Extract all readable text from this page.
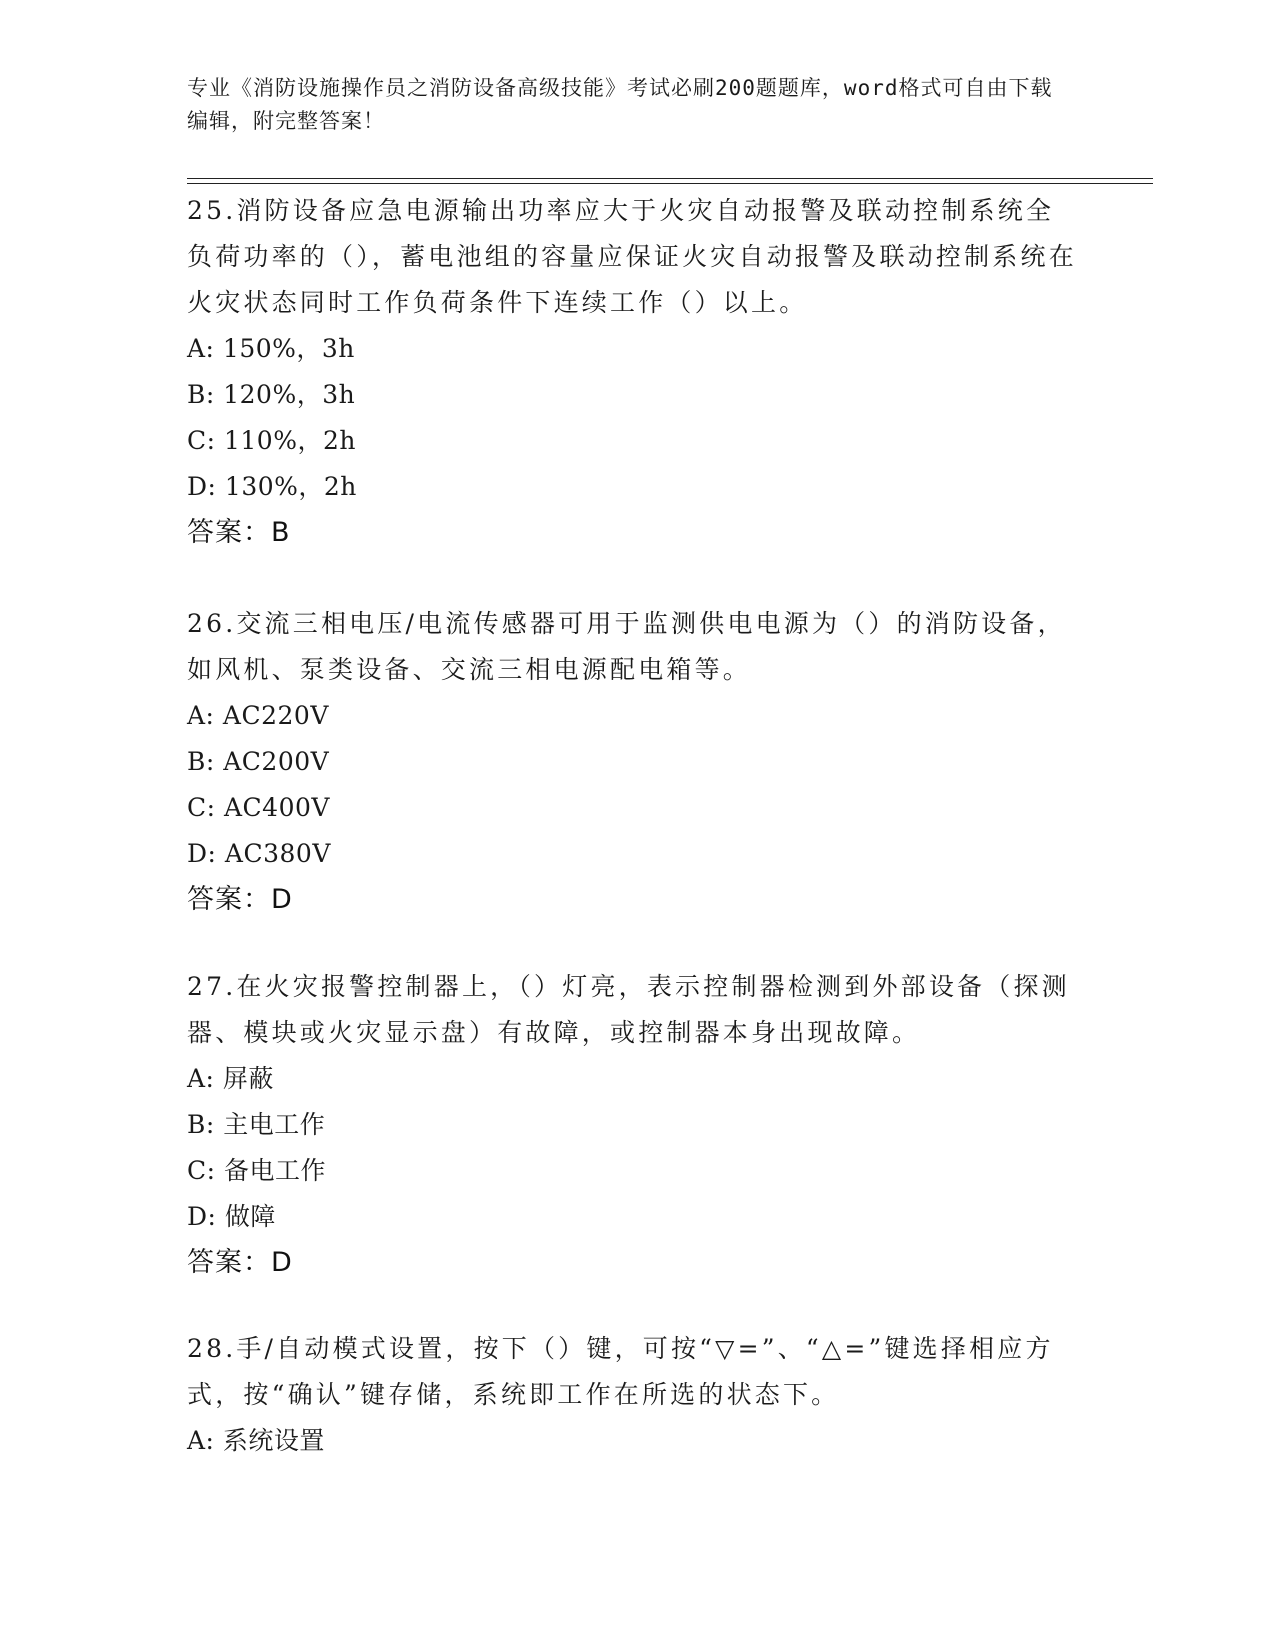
专业《消防设施操作员之消防设备高级技能》考试必刷200题题库，word格式可自由下载编辑，附完整答案！
25.消防设备应急电源输出功率应大于火灾自动报警及联动控制系统全负荷功率的（），蓄电池组的容量应保证火灾自动报警及联动控制系统在火灾状态同时工作负荷条件下连续工作（）以上。
A: 150%，3h
B: 120%，3h
C: 110%，2h
D: 130%，2h
答案：B
26.交流三相电压/电流传感器可用于监测供电电源为（）的消防设备，如风机、泵类设备、交流三相电源配电箱等。
A: AC220V
B: AC200V
C: AC400V
D: AC380V
答案：D
27.在火灾报警控制器上，（）灯亮，表示控制器检测到外部设备（探测器、模块或火灾显示盘）有故障，或控制器本身出现故障。
A: 屏蔽
B: 主电工作
C: 备电工作
D: 做障
答案：D
28.手/自动模式设置，按下（）键，可按“▽=”、“△=”键选择相应方式，按“确认”键存储，系统即工作在所选的状态下。
A: 系统设置
